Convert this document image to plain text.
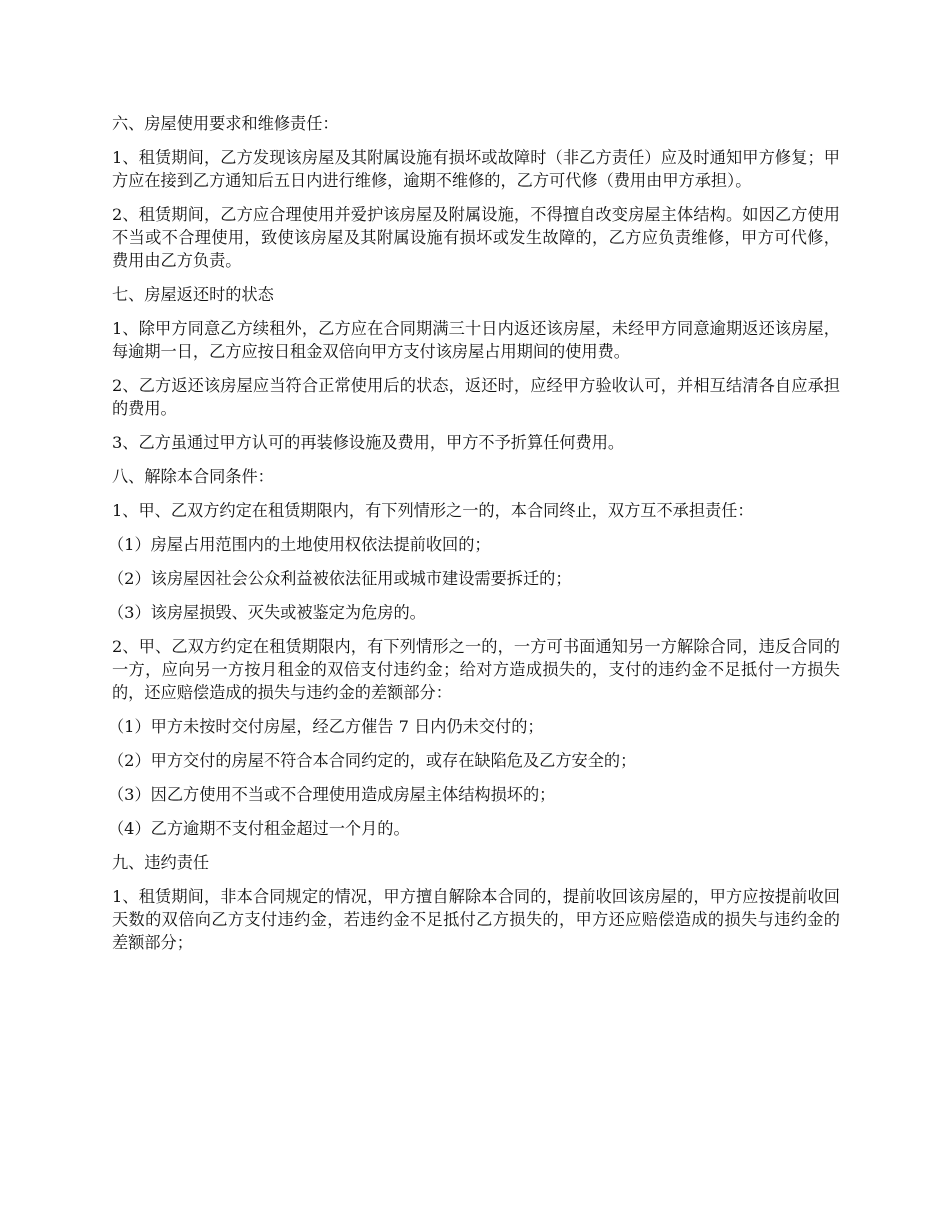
六、房屋使用要求和维修责任：

1、租赁期间，乙方发现该房屋及其附属设施有损坏或故障时（非乙方责任）应及时通知甲方修复；甲方应在接到乙方通知后五日内进行维修，逾期不维修的，乙方可代修（费用由甲方承担）。

2、租赁期间，乙方应合理使用并爱护该房屋及附属设施，不得擅自改变房屋主体结构。如因乙方使用不当或不合理使用，致使该房屋及其附属设施有损坏或发生故障的，乙方应负责维修，甲方可代修，费用由乙方负责。

七、房屋返还时的状态

1、除甲方同意乙方续租外，乙方应在合同期满三十日内返还该房屋，未经甲方同意逾期返还该房屋，每逾期一日，乙方应按日租金双倍向甲方支付该房屋占用期间的使用费。

2、乙方返还该房屋应当符合正常使用后的状态，返还时，应经甲方验收认可，并相互结清各自应承担的费用。

3、乙方虽通过甲方认可的再装修设施及费用，甲方不予折算任何费用。

八、解除本合同条件：

1、甲、乙双方约定在租赁期限内，有下列情形之一的，本合同终止，双方互不承担责任：

（1）房屋占用范围内的土地使用权依法提前收回的；

（2）该房屋因社会公众利益被依法征用或城市建设需要拆迁的；

（3）该房屋损毁、灭失或被鉴定为危房的。

2、甲、乙双方约定在租赁期限内，有下列情形之一的，一方可书面通知另一方解除合同，违反合同的一方，应向另一方按月租金的双倍支付违约金；给对方造成损失的，支付的违约金不足抵付一方损失的，还应赔偿造成的损失与违约金的差额部分：

（1）甲方未按时交付房屋，经乙方催告 7 日内仍未交付的；

（2）甲方交付的房屋不符合本合同约定的，或存在缺陷危及乙方安全的；

（3）因乙方使用不当或不合理使用造成房屋主体结构损坏的；

（4）乙方逾期不支付租金超过一个月的。

九、违约责任

1、租赁期间，非本合同规定的情况，甲方擅自解除本合同的，提前收回该房屋的，甲方应按提前收回天数的双倍向乙方支付违约金，若违约金不足抵付乙方损失的，甲方还应赔偿造成的损失与违约金的差额部分；
